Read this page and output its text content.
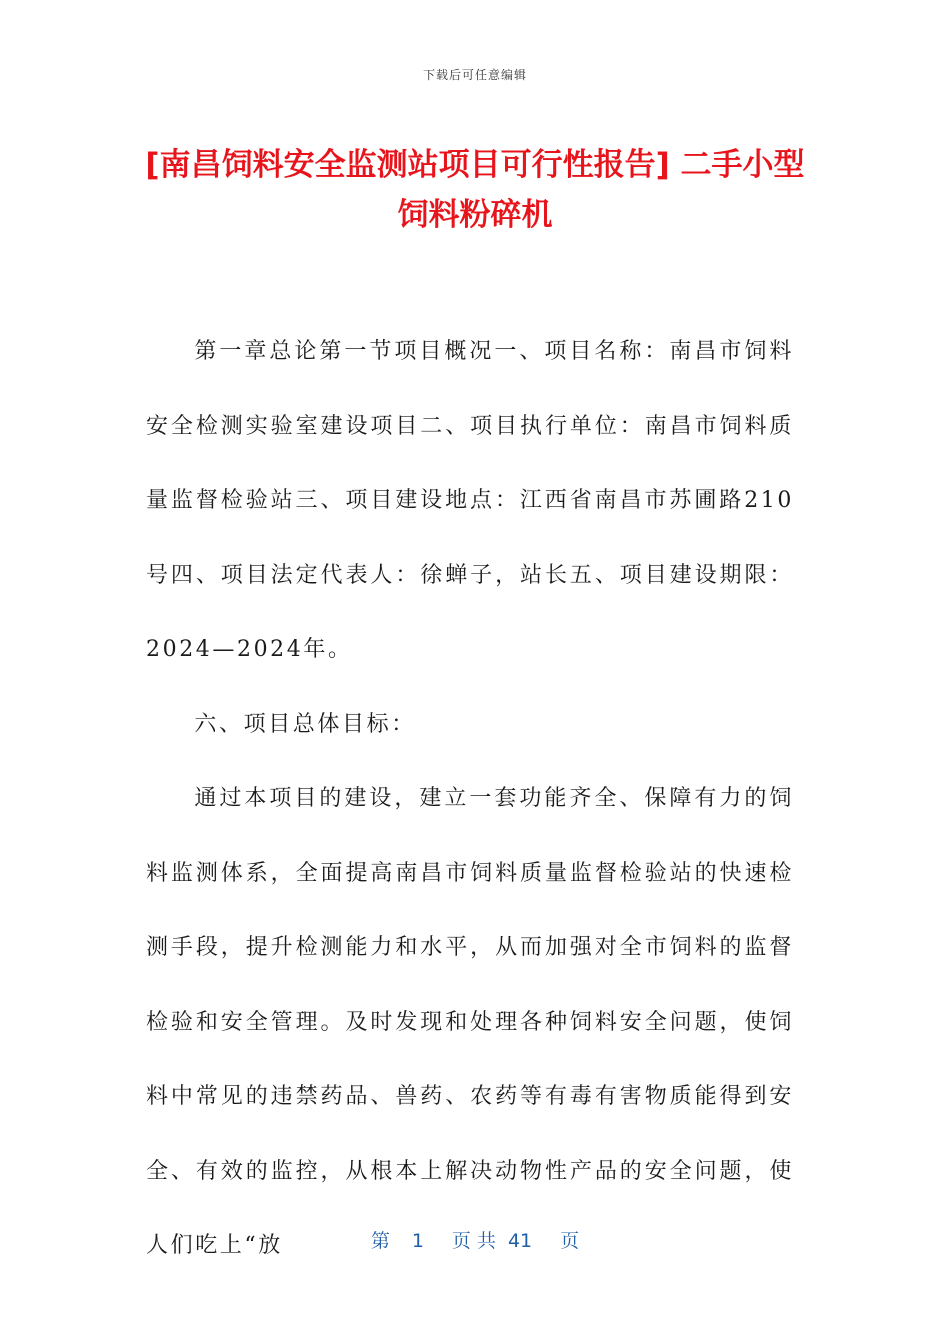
下载后可任意编辑
[南昌饲料安全监测站项目可行性报告] 二手小型饲料粉碎机

第一章总论第一节项目概况一、项目名称：南昌市饲料安全检测实验室建设项目二、项目执行单位：南昌市饲料质量监督检验站三、项目建设地点：江西省南昌市苏圃路210号四、项目法定代表人：徐蝉子，站长五、项目建设期限：2024—2024年。

六、项目总体目标：

通过本项目的建设，建立一套功能齐全、保障有力的饲料监测体系，全面提高南昌市饲料质量监督检验站的快速检测手段，提升检测能力和水平，从而加强对全市饲料的监督检验和安全管理。及时发现和处理各种饲料安全问题，使饲料中常见的违禁药品、兽药、农药等有毒有害物质能得到安全、有效的监控，从根本上解决动物性产品的安全问题，使人们吃上“放	第 1 页 共 41 页
